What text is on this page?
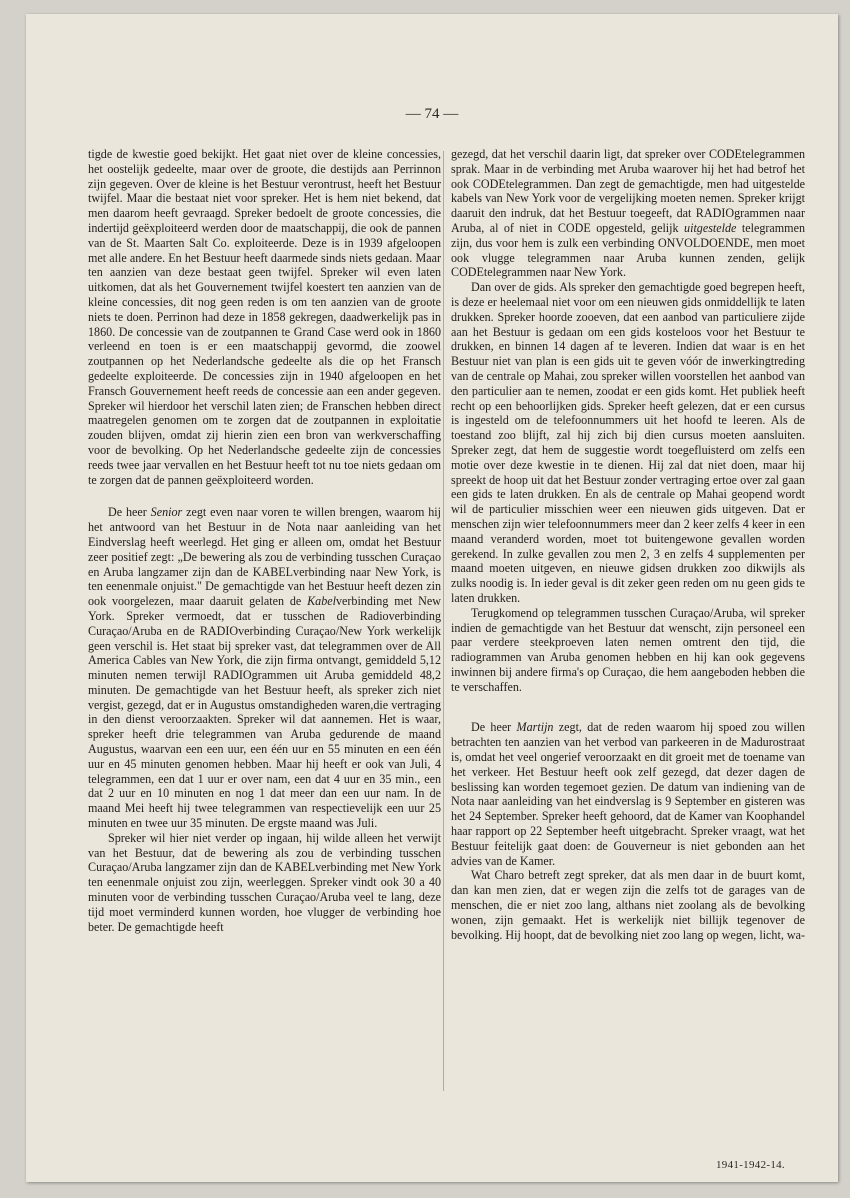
— 74 —

tigde de kwestie goed bekijkt. Het gaat niet over de kleine concessies, het oostelijk gedeelte, maar over de groote, die destijds aan Perrinnon zijn gegeven. Over de kleine is het Bestuur verontrust, heeft het Bestuur twijfel. Maar die bestaat niet voor spreker. Het is hem niet bekend, dat men daarom heeft gevraagd. Spreker bedoelt de groote concessies, die indertijd geëxploiteerd werden door de maatschappij, die ook de pannen van de St. Maarten Salt Co. exploiteerde. Deze is in 1939 afgeloopen met alle andere. En het Bestuur heeft daarmede sinds niets gedaan. Maar ten aanzien van deze bestaat geen twijfel. Spreker wil even laten uitkomen, dat als het Gouvernement twijfel koestert ten aanzien van de kleine concessies, dit nog geen reden is om ten aanzien van de groote niets te doen. Perrinon had deze in 1858 gekregen, daadwerkelijk pas in 1860. De concessie van de zoutpannen te Grand Case werd ook in 1860 verleend en toen is er een maatschappij gevormd, die zoowel zoutpannen op het Nederlandsche gedeelte als die op het Fransch gedeelte exploiteerde. De concessies zijn in 1940 afgeloopen en het Fransch Gouvernement heeft reeds de concessie aan een ander gegeven. Spreker wil hierdoor het verschil laten zien; de Franschen hebben direct maatregelen genomen om te zorgen dat de zoutpannen in exploitatie zouden blijven, omdat zij hierin zien een bron van werkverschaffing voor de bevolking. Op het Nederlandsche gedeelte zijn de concessies reeds twee jaar vervallen en het Bestuur heeft tot nu toe niets gedaan om te zorgen dat de pannen geëxploiteerd worden.

De heer Senior zegt even naar voren te willen brengen, waarom hij het antwoord van het Bestuur in de Nota naar aanleiding van het Eindverslag heeft weerlegd. Het ging er alleen om, omdat het Bestuur zeer positief zegt: „De bewering als zou de verbinding tusschen Curaçao en Aruba langzamer zijn dan de KABELverbinding naar New York, is ten eenenmale onjuist." De gemachtigde van het Bestuur heeft dezen zin ook voorgelezen, maar daaruit gelaten de Kabelverbinding met New York. Spreker vermoedt, dat er tusschen de Radioverbinding Curaçao/Aruba en de RADIOverbinding Curaçao/New York werkelijk geen verschil is. Het staat bij spreker vast, dat telegrammen over de All America Cables van New York, die zijn firma ontvangt, gemiddeld 5,12 minuten nemen terwijl RADIOgrammen uit Aruba gemiddeld 48,2 minuten. De gemachtigde van het Bestuur heeft, als spreker zich niet vergist, gezegd, dat er in Augustus omstandigheden waren,die vertraging in den dienst veroorzaakten. Spreker wil dat aannemen. Het is waar, spreker heeft drie telegrammen van Aruba gedurende de maand Augustus, waarvan een een uur, een één uur en 55 minuten en een één uur en 45 minuten genomen hebben. Maar hij heeft er ook van Juli, 4 telegrammen, een dat 1 uur er over nam, een dat 4 uur en 35 min., een dat 2 uur en 10 minuten en nog 1 dat meer dan een uur nam. In de maand Mei heeft hij twee telegrammen van respectievelijk een uur 25 minuten en twee uur 35 minuten. De ergste maand was Juli.

Spreker wil hier niet verder op ingaan, hij wilde alleen het verwijt van het Bestuur, dat de bewering als zou de verbinding tusschen Curaçao/Aruba langzamer zijn dan de KABELverbinding met New York ten eenenmale onjuist zou zijn, weerleggen. Spreker vindt ook 30 a 40 minuten voor de verbinding tusschen Curaçao/Aruba veel te lang, deze tijd moet verminderd kunnen worden, hoe vlugger de verbinding hoe beter. De gemachtigde heeft

gezegd, dat het verschil daarin ligt, dat spreker over CODEtelegrammen sprak. Maar in de verbinding met Aruba waarover hij het had betrof het ook CODEtelegrammen. Dan zegt de gemachtigde, men had uitgestelde kabels van New York voor de vergelijking moeten nemen. Spreker krijgt daaruit den indruk, dat het Bestuur toegeeft, dat RADIOgrammen naar Aruba, al of niet in CODE opgesteld, gelijk uitgestelde telegrammen zijn, dus voor hem is zulk een verbinding ONVOLDOENDE, men moet ook vlugge telegrammen naar Aruba kunnen zenden, gelijk CODEtelegrammen naar New York.

Dan over de gids. Als spreker den gemachtigde goed begrepen heeft, is deze er heelemaal niet voor om een nieuwen gids onmiddellijk te laten drukken. Spreker hoorde zooeven, dat een aanbod van particuliere zijde aan het Bestuur is gedaan om een gids kosteloos voor het Bestuur te drukken, en binnen 14 dagen af te leveren. Indien dat waar is en het Bestuur niet van plan is een gids uit te geven vóór de inwerkingtreding van de centrale op Mahai, zou spreker willen voorstellen het aanbod van den particulier aan te nemen, zoodat er een gids komt. Het publiek heeft recht op een behoorlijken gids. Spreker heeft gelezen, dat er een cursus is ingesteld om de telefoonnummers uit het hoofd te leeren. Als de toestand zoo blijft, zal hij zich bij dien cursus moeten aansluiten. Spreker zegt, dat hem de suggestie wordt toegefluisterd om zelfs een motie over deze kwestie in te dienen. Hij zal dat niet doen, maar hij spreekt de hoop uit dat het Bestuur zonder vertraging ertoe over zal gaan een gids te laten drukken. En als de centrale op Mahai geopend wordt wil de particulier misschien weer een nieuwen gids uitgeven. Dat er menschen zijn wier telefoonnummers meer dan 2 keer zelfs 4 keer in een maand veranderd worden, moet tot buitengewone gevallen worden gerekend. In zulke gevallen zou men 2, 3 en zelfs 4 supplementen per maand moeten uitgeven, en nieuwe gidsen drukken zoo dikwijls als zulks noodig is. In ieder geval is dit zeker geen reden om nu geen gids te laten drukken.

Terugkomend op telegrammen tusschen Curaçao/Aruba, wil spreker indien de gemachtigde van het Bestuur dat wenscht, zijn personeel een paar verdere steekproeven laten nemen omtrent den tijd, die radiogrammen van Aruba genomen hebben en hij kan ook gegevens inwinnen bij andere firma's op Curaçao, die hem aangeboden hebben die te verschaffen.

De heer Martijn zegt, dat de reden waarom hij spoed zou willen betrachten ten aanzien van het verbod van parkeeren in de Madurostraat is, omdat het veel ongerief veroorzaakt en dit groeit met de toename van het verkeer. Het Bestuur heeft ook zelf gezegd, dat dezer dagen de beslissing kan worden tegemoet gezien. De datum van indiening van de Nota naar aanleiding van het eindverslag is 9 September en gisteren was het 24 September. Spreker heeft gehoord, dat de Kamer van Koophandel haar rapport op 22 September heeft uitgebracht. Spreker vraagt, wat het Bestuur feitelijk gaat doen: de Gouverneur is niet gebonden aan het advies van de Kamer.

Wat Charo betreft zegt spreker, dat als men daar in de buurt komt, dan kan men zien, dat er wegen zijn die zelfs tot de garages van de menschen, die er niet zoo lang, althans niet zoolang als de bevolking wonen, zijn gemaakt. Het is werkelijk niet billijk tegenover de bevolking. Hij hoopt, dat de bevolking niet zoo lang op wegen, licht, wa-

1941-1942-14.
